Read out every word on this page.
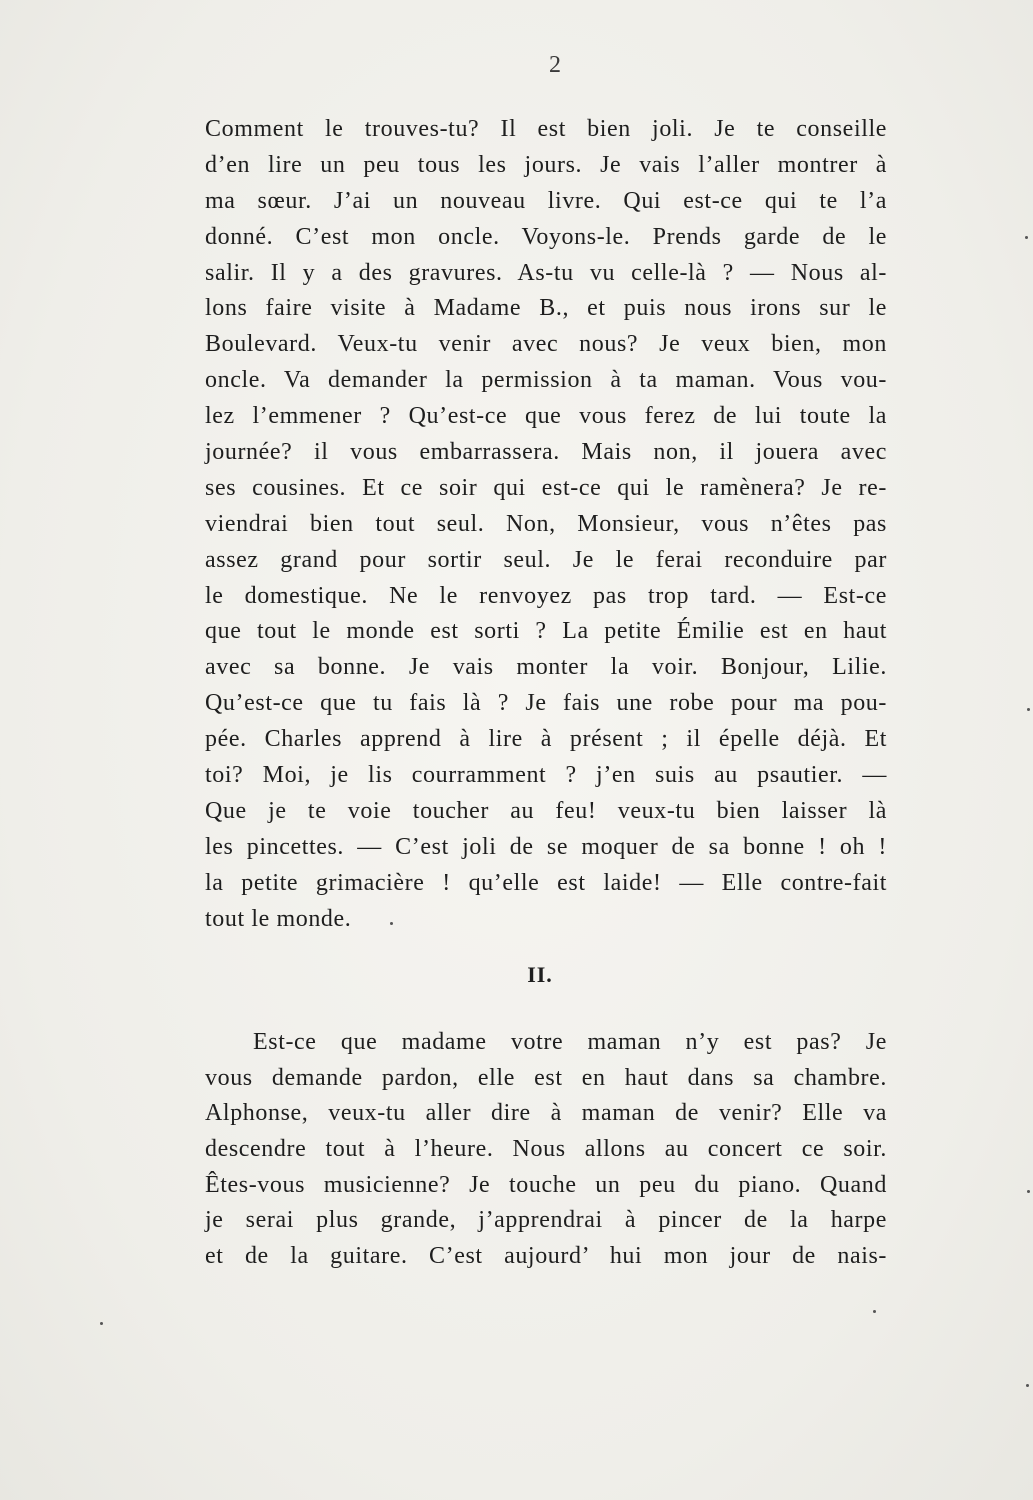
2
Comment le trouves-tu? Il est bien joli. Je te conseille
d’en lire un peu tous les jours. Je vais l’aller montrer à
ma sœur. J’ai un nouveau livre. Qui est-ce qui te l’a
donné. C’est mon oncle. Voyons-le. Prends garde de le
salir. Il y a des gravures. As-tu vu celle-là ? — Nous al-
lons faire visite à Madame B., et puis nous irons sur le
Boulevard. Veux-tu venir avec nous? Je veux bien, mon
oncle. Va demander la permission à ta maman. Vous vou-
lez l’emmener ? Qu’est-ce que vous ferez de lui toute la
journée? il vous embarrassera. Mais non, il jouera avec
ses cousines. Et ce soir qui est-ce qui le ramènera? Je re-
viendrai bien tout seul. Non, Monsieur, vous n’êtes pas
assez grand pour sortir seul. Je le ferai reconduire par
le domestique. Ne le renvoyez pas trop tard. — Est-ce
que tout le monde est sorti ? La petite Émilie est en haut
avec sa bonne. Je vais monter la voir. Bonjour, Lilie.
Qu’est-ce que tu fais là ? Je fais une robe pour ma pou-
pée. Charles apprend à lire à présent ; il épelle déjà. Et
toi? Moi, je lis courramment ? j’en suis au psautier. —
Que je te voie toucher au feu! veux-tu bien laisser là
les pincettes. — C’est joli de se moquer de sa bonne ! oh !
la petite grimacière ! qu’elle est laide! — Elle contre-fait
tout le monde.
II.
Est-ce que madame votre maman n’y est pas? Je
vous demande pardon, elle est en haut dans sa chambre.
Alphonse, veux-tu aller dire à maman de venir? Elle va
descendre tout à l’heure. Nous allons au concert ce soir.
Êtes-vous musicienne? Je touche un peu du piano. Quand
je serai plus grande, j’apprendrai à pincer de la harpe
et de la guitare. C’est aujourd’ hui mon jour de nais-
